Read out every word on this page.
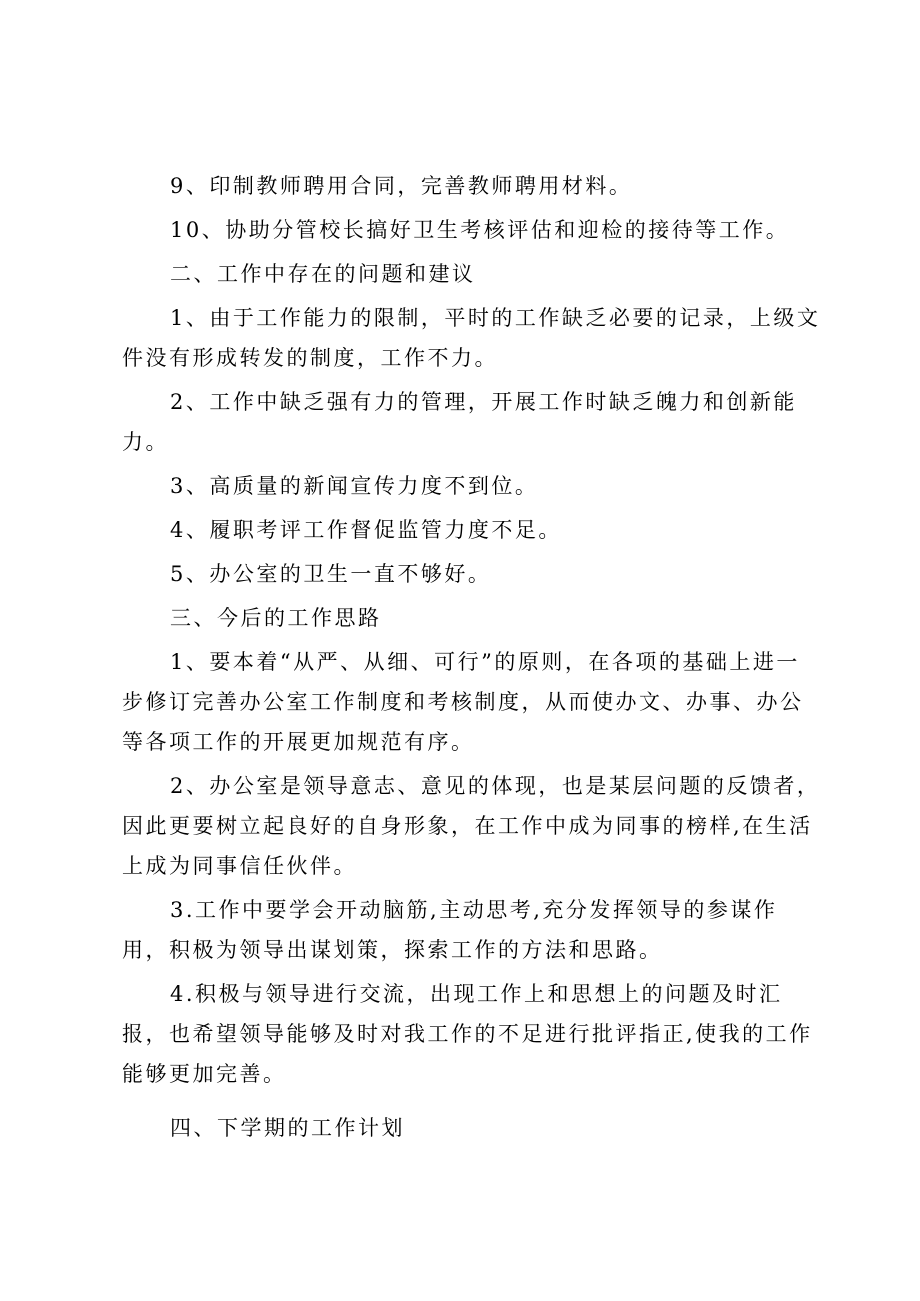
9、印制教师聘用合同，完善教师聘用材料。

10、协助分管校长搞好卫生考核评估和迎检的接待等工作。

二、工作中存在的问题和建议

1、由于工作能力的限制，平时的工作缺乏必要的记录，上级文件没有形成转发的制度，工作不力。

2、工作中缺乏强有力的管理，开展工作时缺乏魄力和创新能力。

3、高质量的新闻宣传力度不到位。

4、履职考评工作督促监管力度不足。

5、办公室的卫生一直不够好。

三、今后的工作思路

1、要本着“从严、从细、可行”的原则，在各项的基础上进一步修订完善办公室工作制度和考核制度，从而使办文、办事、办公等各项工作的开展更加规范有序。

2、办公室是领导意志、意见的体现，也是某层问题的反馈者，因此更要树立起良好的自身形象，在工作中成为同事的榜样,在生活上成为同事信任伙伴。

3.工作中要学会开动脑筋,主动思考,充分发挥领导的参谋作用，积极为领导出谋划策，探索工作的方法和思路。

4.积极与领导进行交流，出现工作上和思想上的问题及时汇报，也希望领导能够及时对我工作的不足进行批评指正,使我的工作能够更加完善。

四、下学期的工作计划
